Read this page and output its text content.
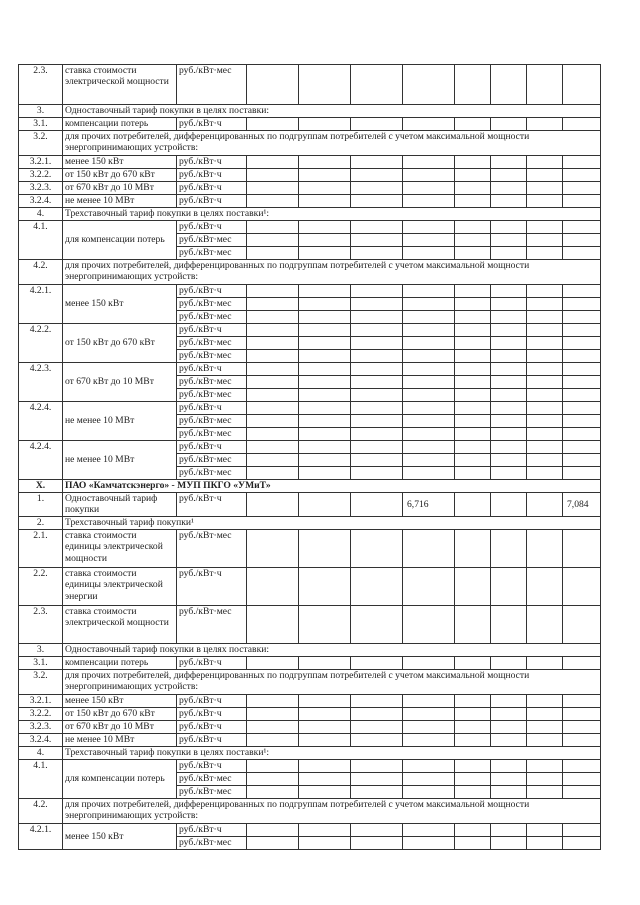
2.3.	ставка стоимости электрической мощности	руб./кВт·мес								
3.	Одноставочный тариф покупки в целях поставки:									
3.1.	компенсации потерь	руб./кВт·ч								
3.2.	для прочих потребителей, дифференцированных по подгруппам потребителей с учетом максимальной мощности энергопринимающих устройств:									
3.2.1.	менее 150 кВт	руб./кВт·ч								
3.2.2.	от 150 кВт до 670 кВт	руб./кВт·ч								
3.2.3.	от 670 кВт до 10 МВт	руб./кВт·ч								
3.2.4.	не менее 10 МВт	руб./кВт·ч								
4.	Трехставочный тариф покупки в целях поставки¹:									
4.1.	для компенсации потерь	руб./кВт·ч								
		руб./кВт·мес								
		руб./кВт·мес								
4.2.	для прочих потребителей, дифференцированных по подгруппам потребителей с учетом максимальной мощности энергопринимающих устройств:									
4.2.1.	менее 150 кВт	руб./кВт·ч								
		руб./кВт·мес								
		руб./кВт·мес								
4.2.2.	от 150 кВт до 670 кВт	руб./кВт·ч								
		руб./кВт·мес								
		руб./кВт·мес								
4.2.3.	от 670 кВт до 10 МВт	руб./кВт·ч								
		руб./кВт·мес								
		руб./кВт·мес								
4.2.4.	не менее 10 МВт	руб./кВт·ч								
		руб./кВт·мес								
		руб./кВт·мес								
4.2.4.	не менее 10 МВт	руб./кВт·ч								
		руб./кВт·мес								
		руб./кВт·мес								
X.	ПАО «Камчатскэнерго» - МУП ПКГО «УМиТ»									
1.	Одноставочный тариф покупки	руб./кВт·ч				6,716				7,084
2.	Трехставочный тариф покупки¹									
2.1.	ставка стоимости единицы электрической мощности	руб./кВт·мес								
2.2.	ставка стоимости единицы электрической энергии	руб./кВт·ч								
2.3.	ставка стоимости электрической мощности	руб./кВт·мес								
3.	Одноставочный тариф покупки в целях поставки:									
3.1.	компенсации потерь	руб./кВт·ч								
3.2.	для прочих потребителей, дифференцированных по подгруппам потребителей с учетом максимальной мощности энергопринимающих устройств:									
3.2.1.	менее 150 кВт	руб./кВт·ч								
3.2.2.	от 150 кВт до 670 кВт	руб./кВт·ч								
3.2.3.	от 670 кВт до 10 МВт	руб./кВт·ч								
3.2.4.	не менее 10 МВт	руб./кВт·ч								
4.	Трехставочный тариф покупки в целях поставки¹:									
4.1.	для компенсации потерь	руб./кВт·ч								
		руб./кВт·мес								
		руб./кВт·мес								
4.2.	для прочих потребителей, дифференцированных по подгруппам потребителей с учетом максимальной мощности энергопринимающих устройств:									
4.2.1.	менее 150 кВт	руб./кВт·ч								
		руб./кВт·мес								
